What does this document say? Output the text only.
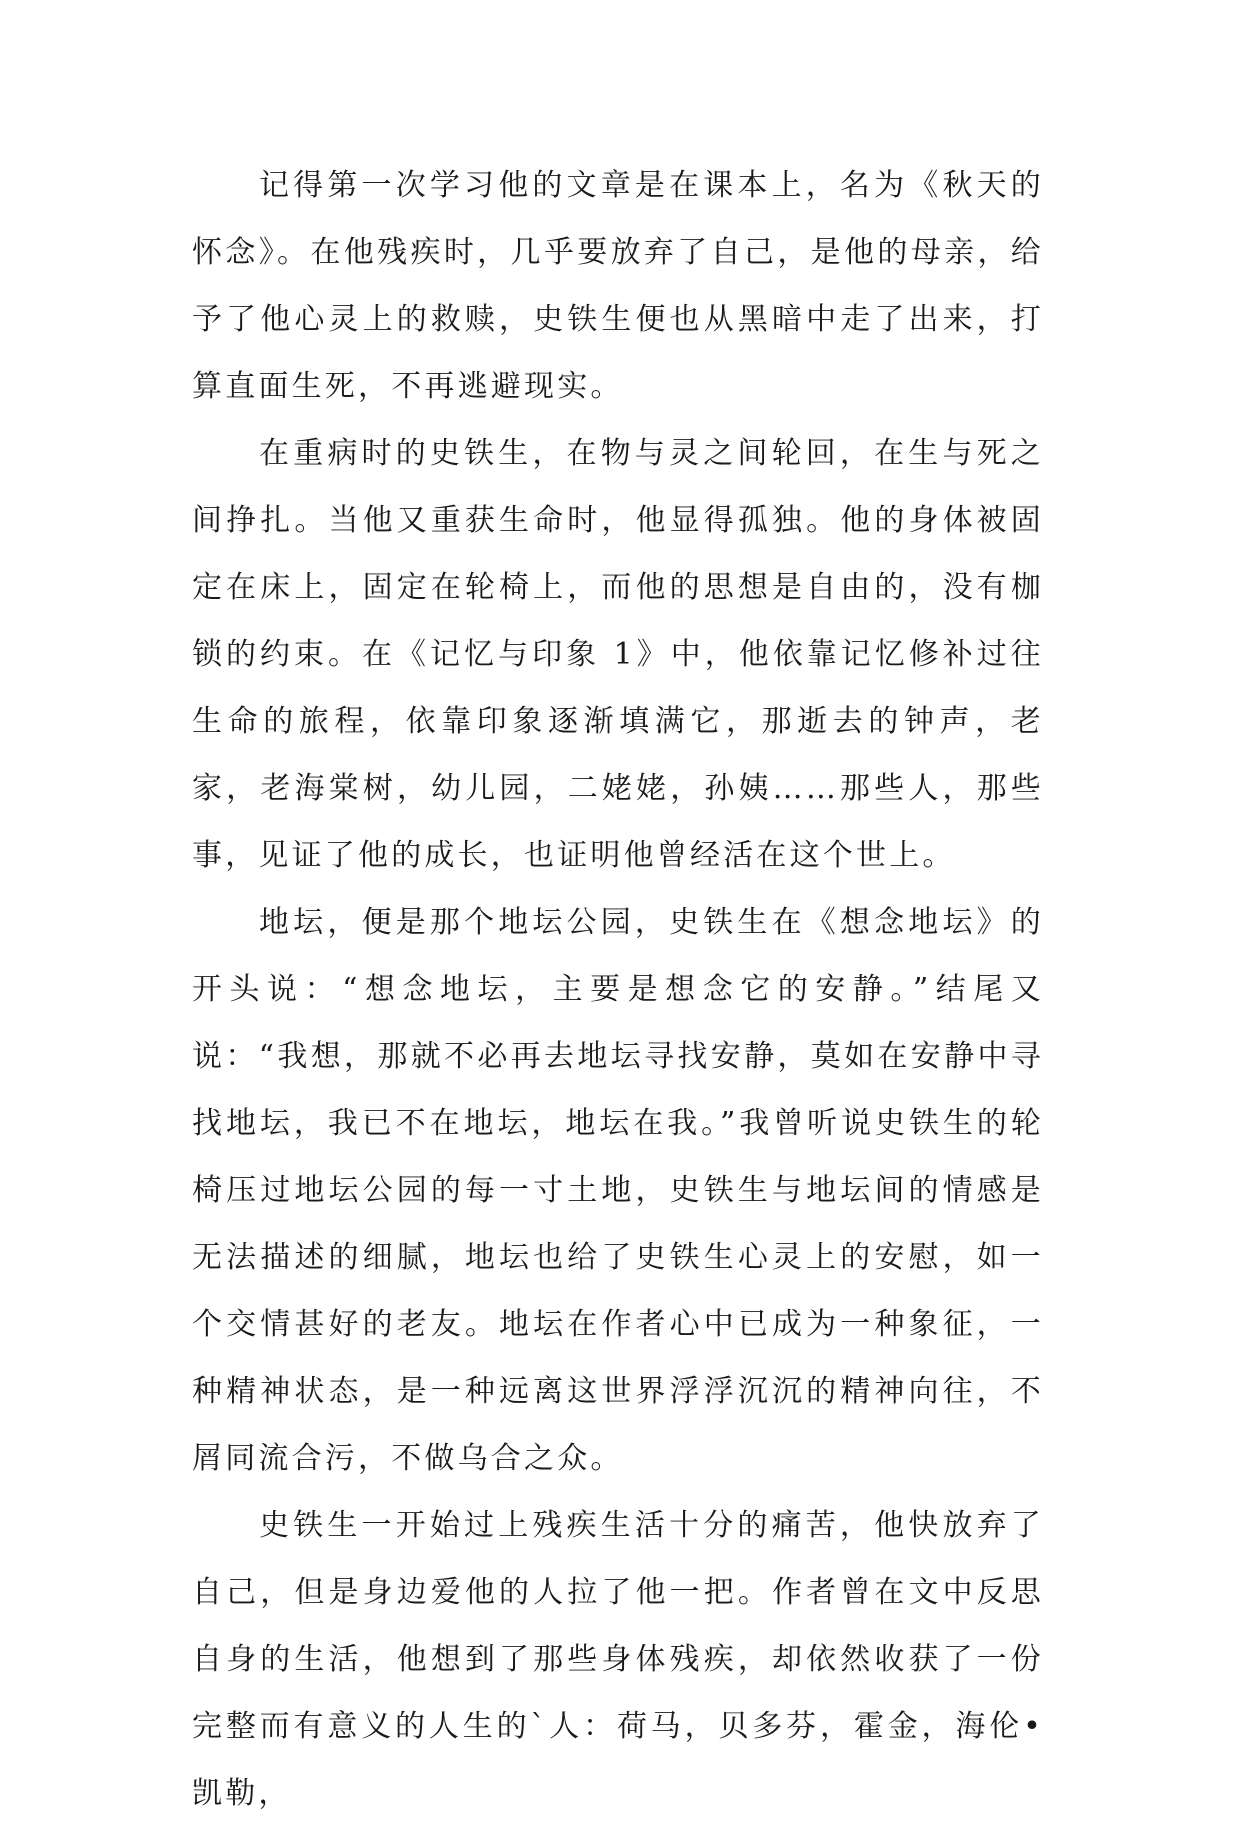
记得第一次学习他的文章是在课本上，名为《秋天的怀念》。在他残疾时，几乎要放弃了自己，是他的母亲，给予了他心灵上的救赎，史铁生便也从黑暗中走了出来，打算直面生死，不再逃避现实。

在重病时的史铁生，在物与灵之间轮回，在生与死之间挣扎。当他又重获生命时，他显得孤独。他的身体被固定在床上，固定在轮椅上，而他的思想是自由的，没有枷锁的约束。在《记忆与印象 1》中，他依靠记忆修补过往生命的旅程，依靠印象逐渐填满它，那逝去的钟声，老家，老海棠树，幼儿园，二姥姥，孙姨……那些人，那些事，见证了他的成长，也证明他曾经活在这个世上。

地坛，便是那个地坛公园，史铁生在《想念地坛》的开头说：“想念地坛，主要是想念它的安静。”结尾又说：“我想，那就不必再去地坛寻找安静，莫如在安静中寻找地坛，我已不在地坛，地坛在我。”我曾听说史铁生的轮椅压过地坛公园的每一寸土地，史铁生与地坛间的情感是无法描述的细腻，地坛也给了史铁生心灵上的安慰，如一个交情甚好的老友。地坛在作者心中已成为一种象征，一种精神状态，是一种远离这世界浮浮沉沉的精神向往，不屑同流合污，不做乌合之众。

史铁生一开始过上残疾生活十分的痛苦，他快放弃了自己，但是身边爱他的人拉了他一把。作者曾在文中反思自身的生活，他想到了那些身体残疾，却依然收获了一份完整而有意义的人生的`人：荷马，贝多芬，霍金，海伦•凯勒，
